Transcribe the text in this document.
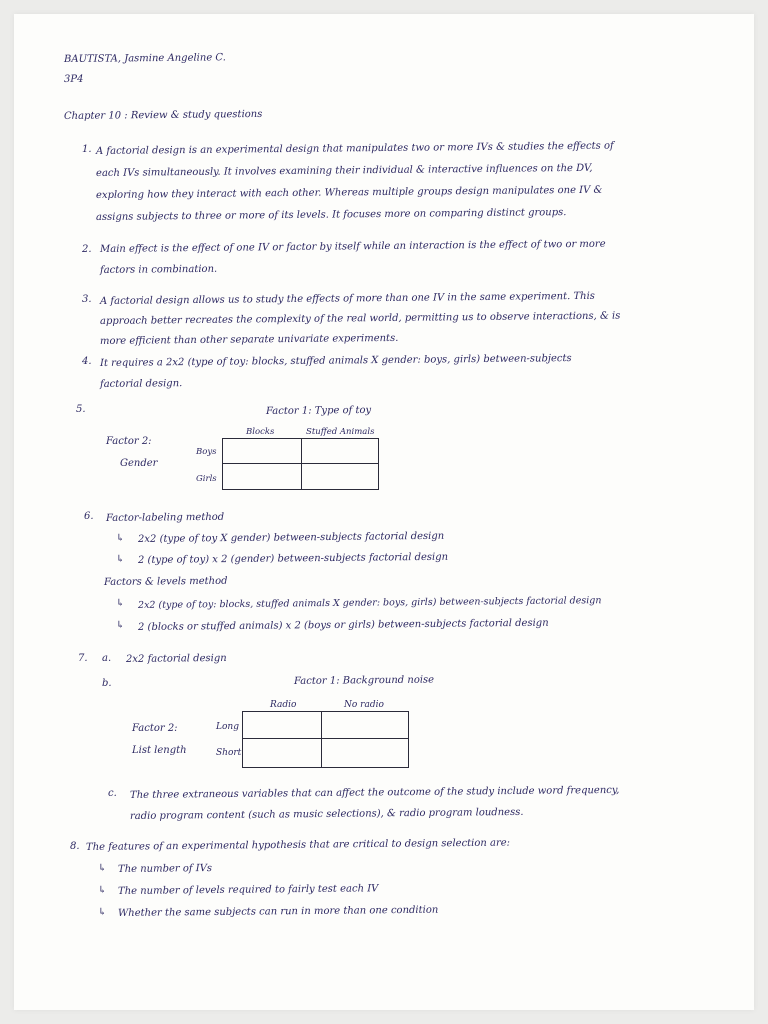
BAUTISTA, Jasmine Angeline C.
3P4
Chapter 10 : Review & study questions
1. A factorial design is an experimental design that manipulates two or more IVs & studies the effects of
each IVs simultaneously. It involves examining their individual & interactive influences on the DV,
exploring how they interact with each other. Whereas multiple groups design manipulates one IV &
assigns subjects to three or more of its levels. It focuses more on comparing distinct groups.
2. Main effect is the effect of one IV or factor by itself while an interaction is the effect of two or more
factors in combination.
3. A factorial design allows us to study the effects of more than one IV in the same experiment. This
approach better recreates the complexity of the real world, permitting us to observe interactions, & is
more efficient than other separate univariate experiments.
4. It requires a 2x2 (type of toy: blocks, stuffed animals X gender: boys, girls) between-subjects
factorial design.
5.	Factor 1: Type of toy
Blocks	Stuffed Animals
Factor 2:
Gender
Boys
Girls

6. Factor-labeling method
↳ 2x2 (type of toy X gender) between-subjects factorial design
↳ 2 (type of toy) x 2 (gender) between-subjects factorial design
Factors & levels method
↳ 2x2 (type of toy: blocks, stuffed animals X gender: boys, girls) between-subjects factorial design
↳ 2 (blocks or stuffed animals) x 2 (boys or girls) between-subjects factorial design
7. a. 2x2 factorial design
b.	Factor 1: Background noise
Radio	No radio
Factor 2:
List length
Long
Short

c. The three extraneous variables that can affect the outcome of the study include word frequency,
radio program content (such as music selections), & radio program loudness.
8. The features of an experimental hypothesis that are critical to design selection are:
↳ The number of IVs
↳ The number of levels required to fairly test each IV
↳ Whether the same subjects can run in more than one condition
